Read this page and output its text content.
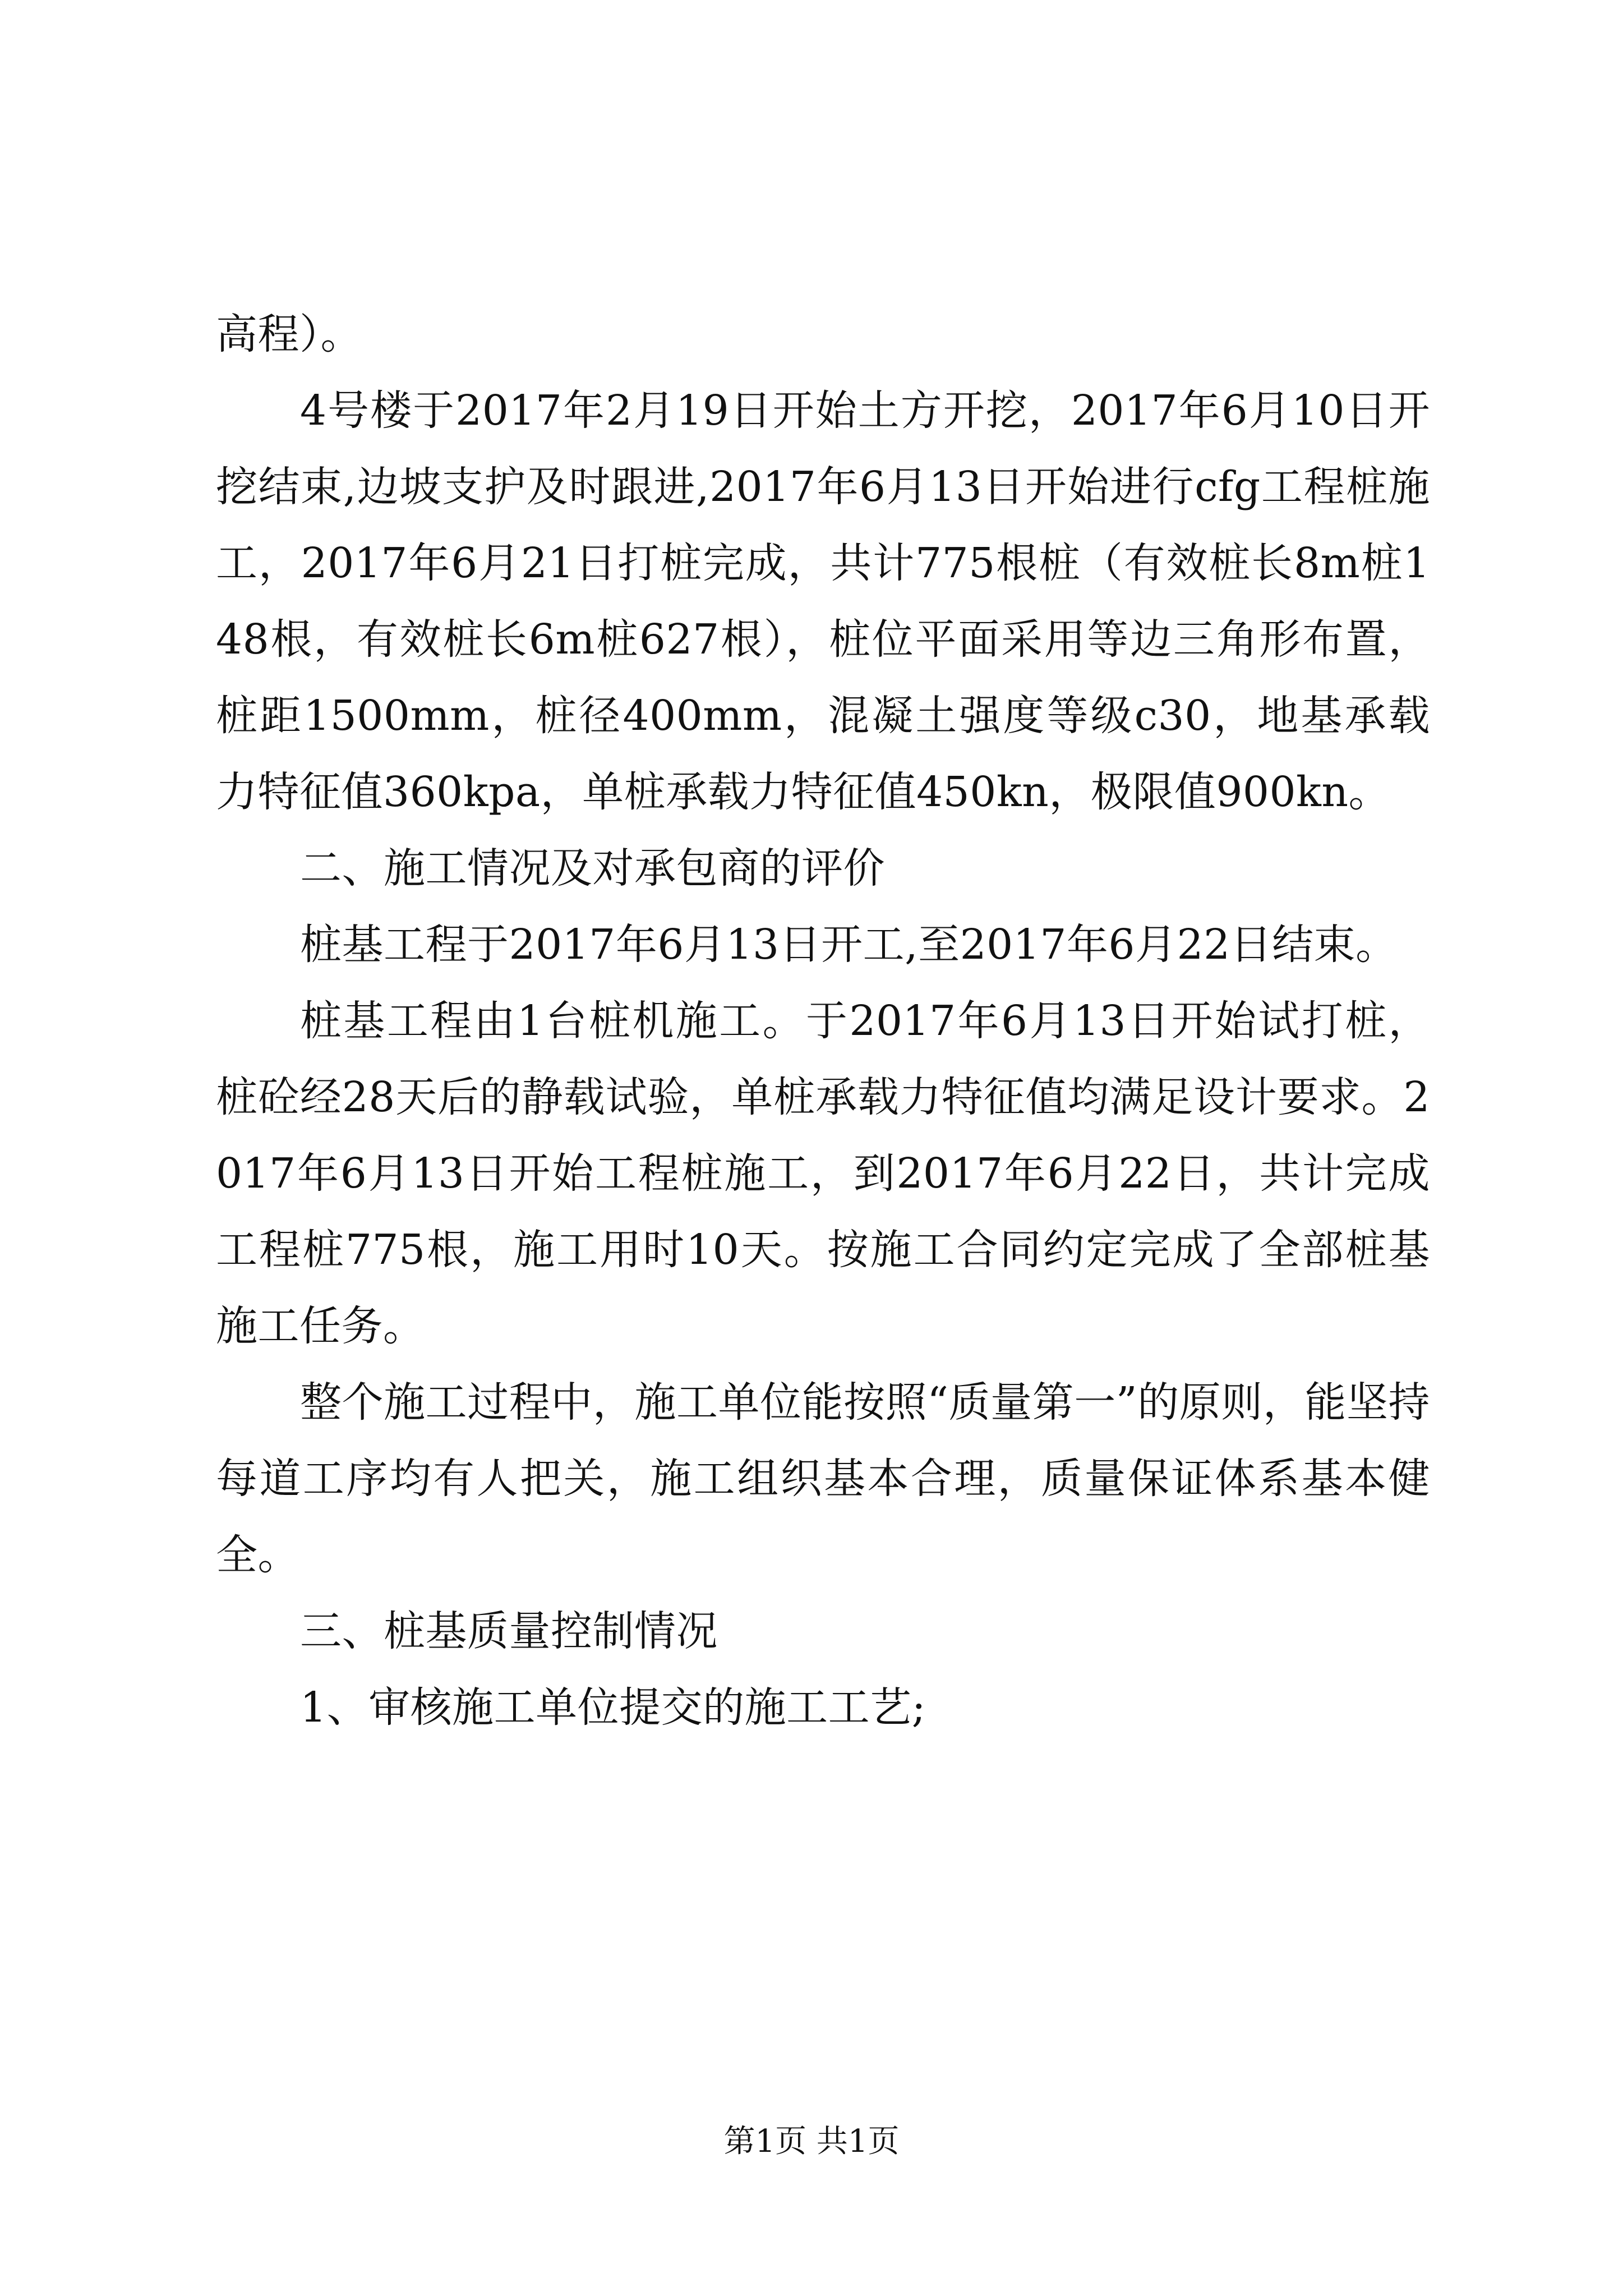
高程）。

4号楼于2017年2月19日开始土方开挖，2017年6月10日开挖结束,边坡支护及时跟进,2017年6月13日开始进行cfg工程桩施工，2017年6月21日打桩完成，共计775根桩（有效桩长8m桩148根，有效桩长6m桩627根），桩位平面采用等边三角形布置，桩距1500mm，桩径400mm，混凝土强度等级c30，地基承载力特征值360kpa，单桩承载力特征值450kn，极限值900kn。

二、施工情况及对承包商的评价

桩基工程于2017年6月13日开工,至2017年6月22日结束。

桩基工程由1台桩机施工。于2017年6月13日开始试打桩，桩砼经28天后的静载试验，单桩承载力特征值均满足设计要求。2017年6月13日开始工程桩施工，到2017年6月22日，共计完成工程桩775根，施工用时10天。按施工合同约定完成了全部桩基施工任务。

整个施工过程中，施工单位能按照“质量第一”的原则，能坚持每道工序均有人把关，施工组织基本合理，质量保证体系基本健全。

三、桩基质量控制情况

1、审核施工单位提交的施工工艺;

第1页 共1页
